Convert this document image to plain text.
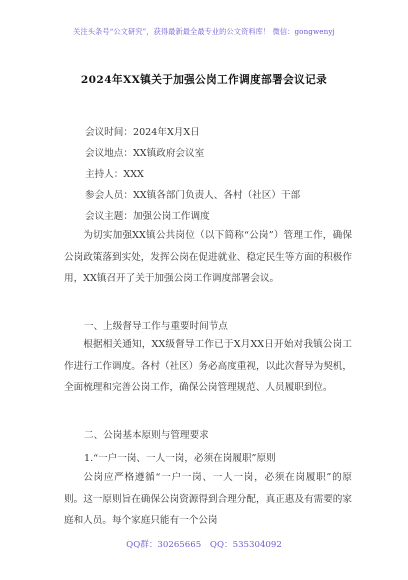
关注头条号“公文研究”，获得最新最全最专业的公文资料库！ 微信：gongwenyj
2024年XX镇关于加强公岗工作调度部署会议记录
会议时间：2024年X月X日
会议地点：XX镇政府会议室
主持人：XXX
参会人员：XX镇各部门负责人、各村（社区）干部
会议主题：加强公岗工作调度
为切实加强XX镇公共岗位（以下简称“公岗”）管理工作，确保公岗政策落到实处，发挥公岗在促进就业、稳定民生等方面的积极作用，XX镇召开了关于加强公岗工作调度部署会议。
一、上级督导工作与重要时间节点
根据相关通知，XX级督导工作已于X月XX日开始对我镇公岗工作进行工作调度。各村（社区）务必高度重视，以此次督导为契机，全面梳理和完善公岗工作，确保公岗管理规范、人员履职到位。
二、公岗基本原则与管理要求
1.“一户一岗、一人一岗，必须在岗履职”原则
公岗应严格遵循“一户一岗、一人一岗，必须在岗履职”的原则。这一原则旨在确保公岗资源得到合理分配，真正惠及有需要的家庭和人员。每个家庭只能有一个公岗
QQ群：30265665 QQ：535304092
